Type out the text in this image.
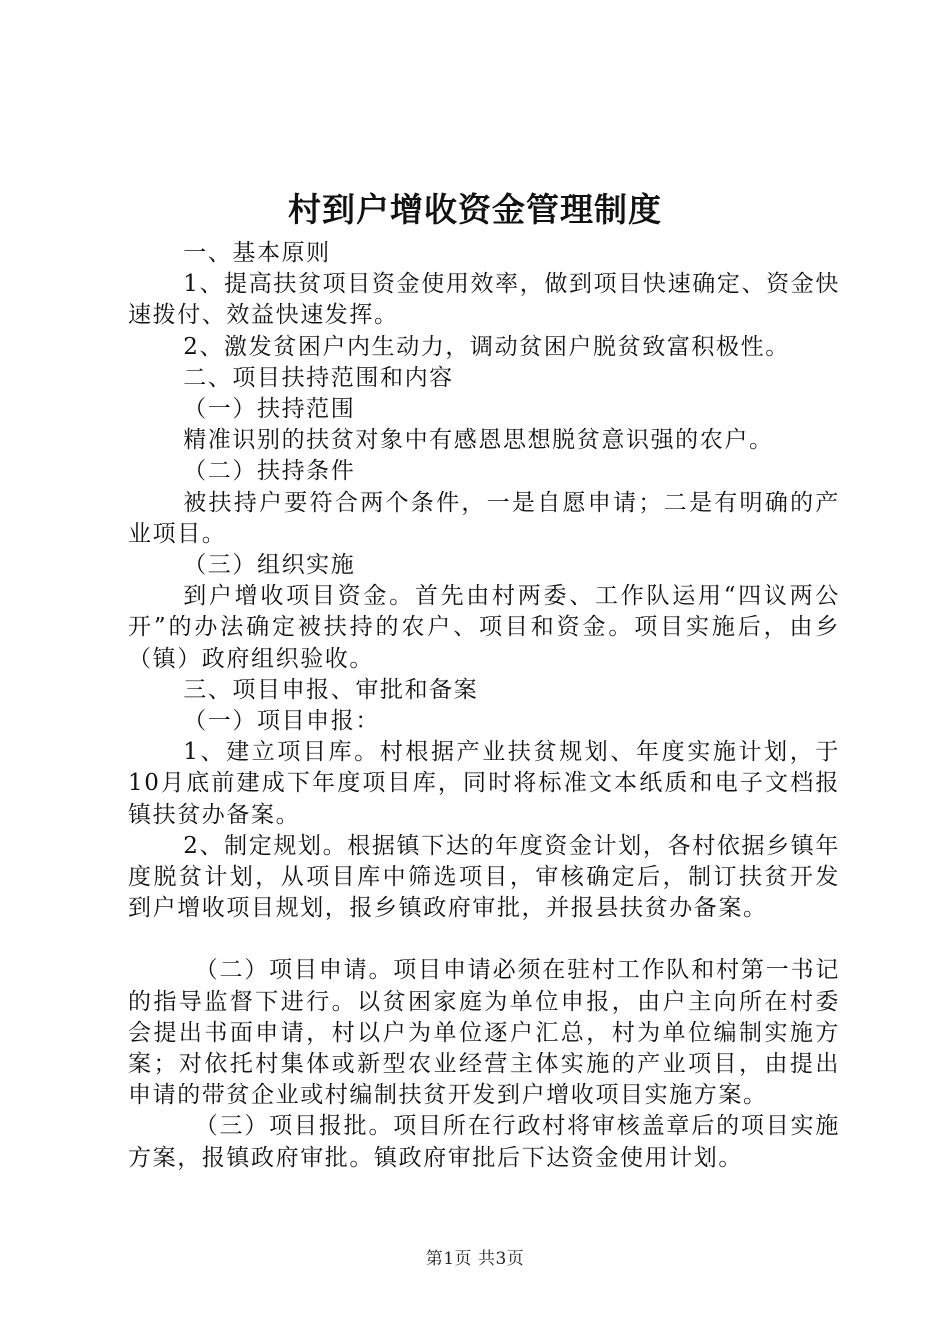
村到户增收资金管理制度

一、基本原则

1、提高扶贫项目资金使用效率，做到项目快速确定、资金快速拨付、效益快速发挥。

2、激发贫困户内生动力，调动贫困户脱贫致富积极性。

二、项目扶持范围和内容

（一）扶持范围

精准识别的扶贫对象中有感恩思想脱贫意识强的农户。

（二）扶持条件

被扶持户要符合两个条件，一是自愿申请；二是有明确的产业项目。

（三）组织实施

到户增收项目资金。首先由村两委、工作队运用“四议两公开”的办法确定被扶持的农户、项目和资金。项目实施后，由乡（镇）政府组织验收。

三、项目申报、审批和备案

（一）项目申报：

1、建立项目库。村根据产业扶贫规划、年度实施计划，于10月底前建成下年度项目库，同时将标准文本纸质和电子文档报镇扶贫办备案。

2、制定规划。根据镇下达的年度资金计划，各村依据乡镇年度脱贫计划，从项目库中筛选项目，审核确定后，制订扶贫开发到户增收项目规划，报乡镇政府审批，并报县扶贫办备案。

（二）项目申请。项目申请必须在驻村工作队和村第一书记的指导监督下进行。以贫困家庭为单位申报，由户主向所在村委会提出书面申请，村以户为单位逐户汇总，村为单位编制实施方案；对依托村集体或新型农业经营主体实施的产业项目，由提出申请的带贫企业或村编制扶贫开发到户增收项目实施方案。

（三）项目报批。项目所在行政村将审核盖章后的项目实施方案，报镇政府审批。镇政府审批后下达资金使用计划。

第1页 共3页
